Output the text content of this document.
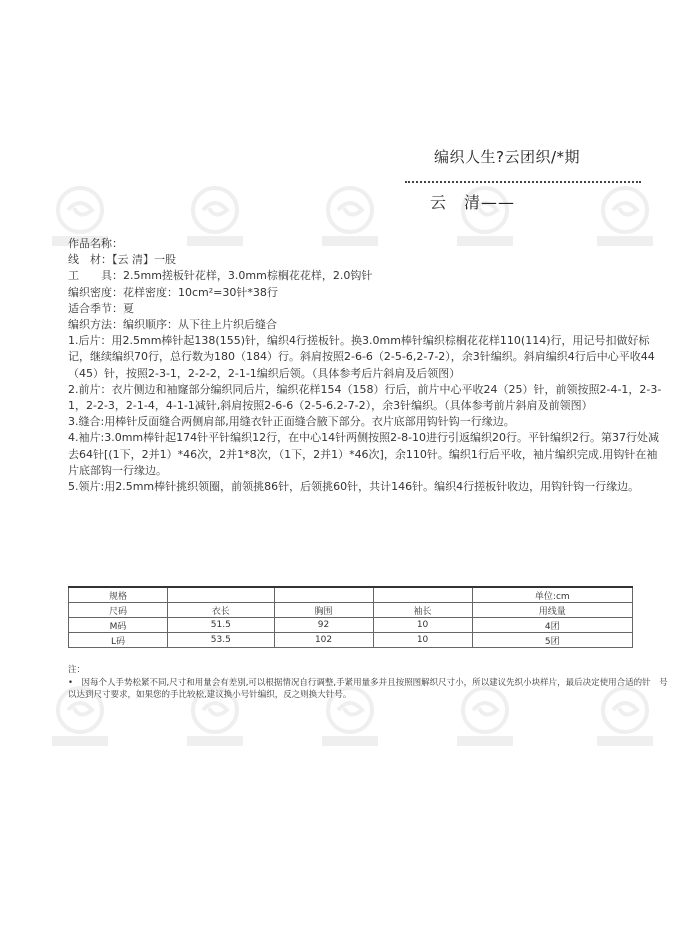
编织人生?云团织/*期
云　清——

作品名称：

线　材：【云 清】一股

工　　具：2.5mm搓板针花样，3.0mm棕榈花花样，2.0钩针

编织密度：花样密度：10cm²=30针*38行

适合季节：夏

编织方法：编织顺序：从下往上片织后缝合

1.后片：用2.5mm棒针起138(155)针，编织4行搓板针。换3.0mm棒针编织棕榈花花样110(114)行，用记号扣做好标记，继续编织70行，总行数为180（184）行。斜肩按照2-6-6（2-5-6,2-7-2），余3针编织。斜肩编织4行后中心平收44（45）针，按照2-3-1，2-2-2，2-1-1编织后领。（具体参考后片斜肩及后领图）

2.前片：衣片侧边和袖窿部分编织同后片，编织花样154（158）行后，前片中心平收24（25）针，前领按照2-4-1，2-3-1，2-2-3，2-1-4，4-1-1减针,斜肩按照2-6-6（2-5-6.2-7-2），余3针编织。（具体参考前片斜肩及前领图）

3.缝合:用棒针反面缝合两侧肩部,用缝衣针正面缝合腋下部分。衣片底部用钩针钩一行缘边。

4.袖片:3.0mm棒针起174针平针编织12行，在中心14针两侧按照2-8-10进行引返编织20行。平针编织2行。第37行处减去64针[(1下，2并1）*46次，2并1*8次，（1下，2并1）*46次]，余110针。编织1行后平收，袖片编织完成.用钩针在袖片底部钩一行缘边。

5.领片:用2.5mm棒针挑织领圈，前领挑86针，后领挑60针，共计146针。编织4行搓板针收边，用钩针钩一行缘边。

规格				单位:cm
尺码	衣长	胸围	袖长	用线量
M码	51.5	92	10	4团
L码	53.5	102	10	5团

注：

•　因每个人手势松紧不同,尺寸和用量会有差别,可以根据情况自行调整,手紧用量多并且按照图解织尺寸小，所以建议先织小块样片，最后决定使用合适的针　号以达到尺寸要求，如果您的手比较松,建议换小号针编织，反之则换大针号。
